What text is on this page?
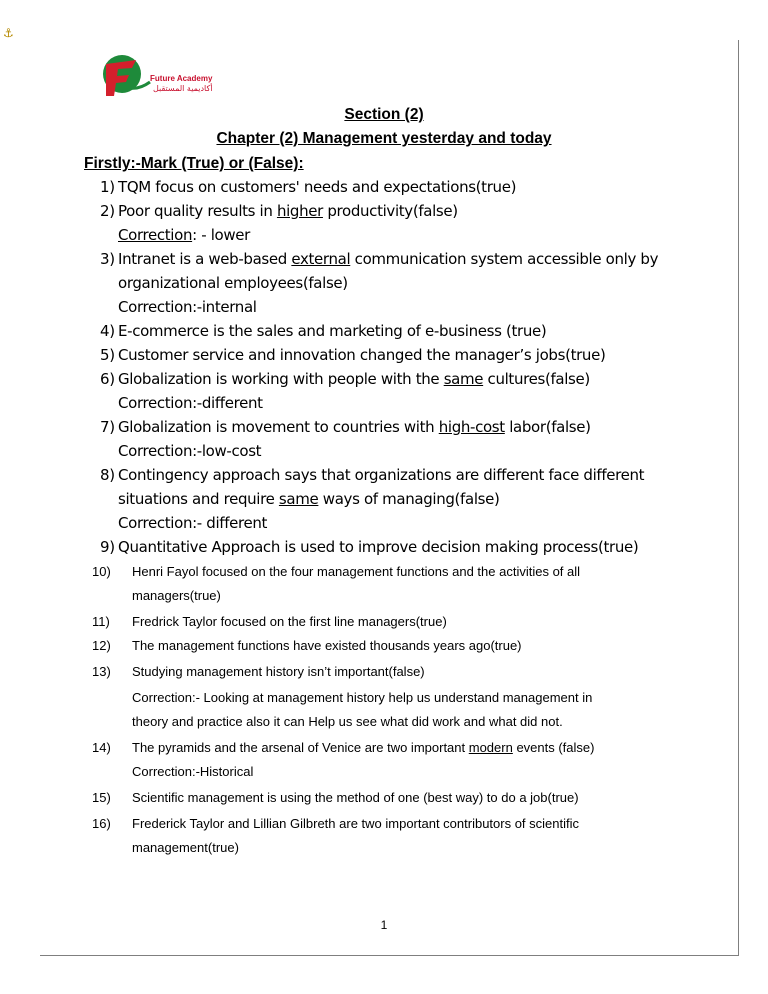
⚓
Future Academy
أكاديمية المستقبل
Section (2)
Chapter (2) Management yesterday and today
Firstly:-Mark (True) or (False):
1) TQM focus on customers' needs and expectations(true)
2) Poor quality results in higher productivity(false)
Correction: - lower
3) Intranet is a web-based external communication system accessible only by
organizational employees(false)
Correction:-internal
4) E-commerce is the sales and marketing of e-business (true)
5) Customer service and innovation changed the manager’s jobs(true)
6) Globalization is working with people with the same cultures(false)
Correction:-different
7) Globalization is movement to countries with high-cost labor(false)
Correction:-low-cost
8) Contingency approach says that organizations are different face different
situations and require same ways of managing(false)
Correction:- different
9) Quantitative Approach is used to improve decision making process(true)
10) Henri Fayol focused on the four management functions and the activities of all
managers(true)
11) Fredrick Taylor focused on the first line managers(true)
12) The management functions have existed thousands years ago(true)
13) Studying management history isn’t important(false)
Correction:- Looking at management history help us understand management in
theory and practice also it can Help us see what did work and what did not.
14) The pyramids and the arsenal of Venice are two important modern events (false)
Correction:-Historical
15) Scientific management is using the method of one (best way) to do a job(true)
16) Frederick Taylor and Lillian Gilbreth are two important contributors of scientific
management(true)
1
